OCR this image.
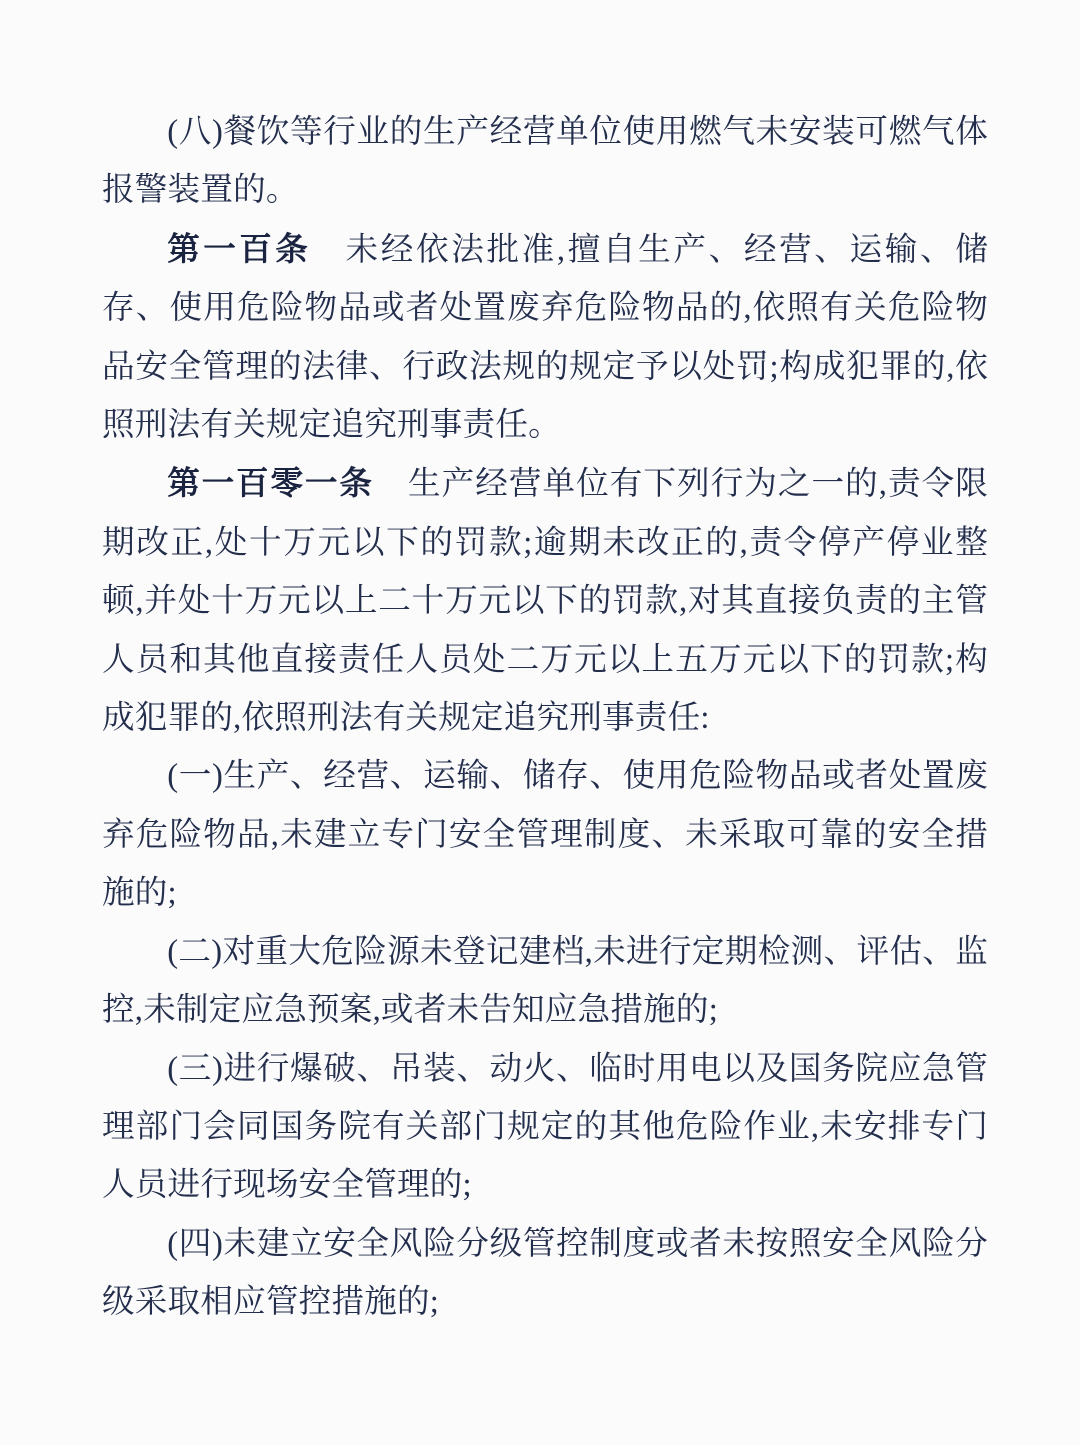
(八)餐饮等行业的生产经营单位使用燃气未安装可燃气体报警装置的。

第一百条 未经依法批准,擅自生产、经营、运输、储存、使用危险物品或者处置废弃危险物品的,依照有关危险物品安全管理的法律、行政法规的规定予以处罚;构成犯罪的,依照刑法有关规定追究刑事责任。

第一百零一条 生产经营单位有下列行为之一的,责令限期改正,处十万元以下的罚款;逾期未改正的,责令停产停业整顿,并处十万元以上二十万元以下的罚款,对其直接负责的主管人员和其他直接责任人员处二万元以上五万元以下的罚款;构成犯罪的,依照刑法有关规定追究刑事责任:

(一)生产、经营、运输、储存、使用危险物品或者处置废弃危险物品,未建立专门安全管理制度、未采取可靠的安全措施的;

(二)对重大危险源未登记建档,未进行定期检测、评估、监控,未制定应急预案,或者未告知应急措施的;

(三)进行爆破、吊装、动火、临时用电以及国务院应急管理部门会同国务院有关部门规定的其他危险作业,未安排专门人员进行现场安全管理的;

(四)未建立安全风险分级管控制度或者未按照安全风险分级采取相应管控措施的;
